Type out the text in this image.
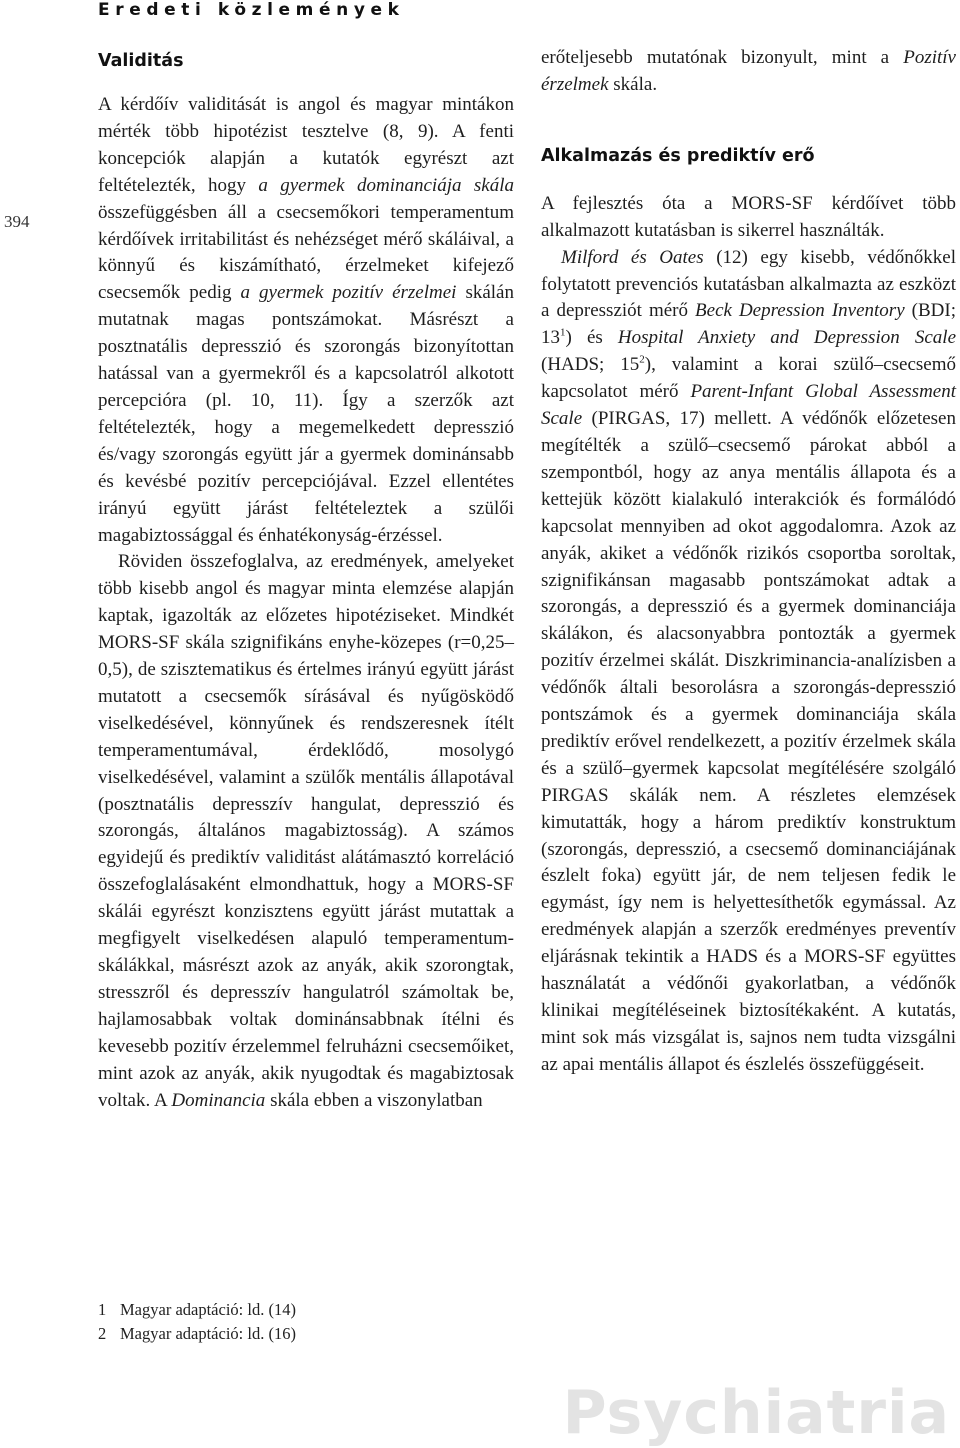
Eredeti közlemények
394
Validitás

A kérdőív validitását is angol és magyar mintákon mérték több hipotézist tesztelve (8, 9). A fenti koncepciók alapján a kutatók egyrészt azt feltételezték, hogy a gyermek dominanciája skála összefüggésben áll a csecsemőkori temperamentum kérdőívek irritabilitást és nehézséget mérő skáláival, a könnyű és kiszámítható, érzelmeket kifejező csecsemők pedig a gyermek pozitív érzelmei skálán mutatnak magas pontszámokat. Másrészt a posztnatális depresszió és szorongás bizonyítottan hatással van a gyermekről és a kapcsolatról alkotott percepcióra (pl. 10, 11). Így a szerzők azt feltételezték, hogy a megemelkedett depresszió és/vagy szorongás együtt jár a gyermek dominánsabb és kevésbé pozitív percepciójával. Ezzel ellentétes irányú együtt járást feltételeztek a szülői magabiztossággal és énhatékonyság-érzéssel.

Röviden összefoglalva, az eredmények, amelyeket több kisebb angol és magyar minta elemzése alapján kaptak, igazolták az előzetes hipotéziseket. Mindkét MORS-SF skála szignifikáns enyhe-közepes (r=0,25–0,5), de szisztematikus és értelmes irányú együtt járást mutatott a csecsemők sírásával és nyűgösködő viselkedésével, könnyűnek és rendszeresnek ítélt temperamentumával, érdeklődő, mosolygó viselkedésével, valamint a szülők mentális állapotával (posztnatális depresszív hangulat, depresszió és szorongás, általános magabiztosság). A számos egyidejű és prediktív validitást alátámasztó korreláció összefoglalásaként elmondhattuk, hogy a MORS-SF skálái egyrészt konzisztens együtt járást mutattak a megfigyelt viselkedésen alapuló temperamentum-skálákkal, másrészt azok az anyák, akik szorongtak, stresszről és depresszív hangulatról számoltak be, hajlamosabbak voltak dominánsabbnak ítélni és kevesebb pozitív érzelemmel felruházni csecsemőiket, mint azok az anyák, akik nyugodtak és magabiztosak voltak. A Dominancia skála ebben a viszonylatban

erőteljesebb mutatónak bizonyult, mint a Pozitív érzelmek skála.

Alkalmazás és prediktív erő

A fejlesztés óta a MORS-SF kérdőívet több alkalmazott kutatásban is sikerrel használták.

Milford és Oates (12) egy kisebb, védőnőkkel folytatott prevenciós kutatásban alkalmazta az eszközt a depressziót mérő Beck Depression Inventory (BDI; $13^1$) és Hospital Anxiety and Depression Scale (HADS; $15^2$), valamint a korai szülő–csecsemő kapcsolatot mérő Parent-Infant Global Assessment Scale (PIRGAS, 17) mellett. A védőnők előzetesen megítélték a szülő–csecsemő párokat abból a szempontból, hogy az anya mentális állapota és a kettejük között kialakuló interakciók és formálódó kapcsolat mennyiben ad okot aggodalomra. Azok az anyák, akiket a védőnők rizikós csoportba soroltak, szignifikánsan magasabb pontszámokat adtak a szorongás, a depresszió és a gyermek dominanciája skálákon, és alacsonyabbra pontozták a gyermek pozitív érzelmei skálát. Diszkriminancia-analízisben a védőnők általi besorolásra a szorongás-depresszió pontszámok és a gyermek dominanciája skála prediktív erővel rendelkezett, a pozitív érzelmek skála és a szülő–gyermek kapcsolat megítélésére szolgáló PIRGAS skálák nem. A részletes elemzések kimutatták, hogy a három prediktív konstruktum (szorongás, depresszió, a csecsemő dominanciájának észlelt foka) együtt jár, de nem teljesen fedik le egymást, így nem is helyettesíthetők egymással. Az eredmények alapján a szerzők eredményes preventív eljárásnak tekintik a HADS és a MORS-SF együttes használatát a védőnői gyakorlatban, a védőnők klinikai megítéléseinek biztosítékaként. A kutatás, mint sok más vizsgálat is, sajnos nem tudta vizsgálni az apai mentális állapot és észlelés összefüggéseit.

1 Magyar adaptáció: ld. (14)
2 Magyar adaptáció: ld. (16)
Psychiatria
